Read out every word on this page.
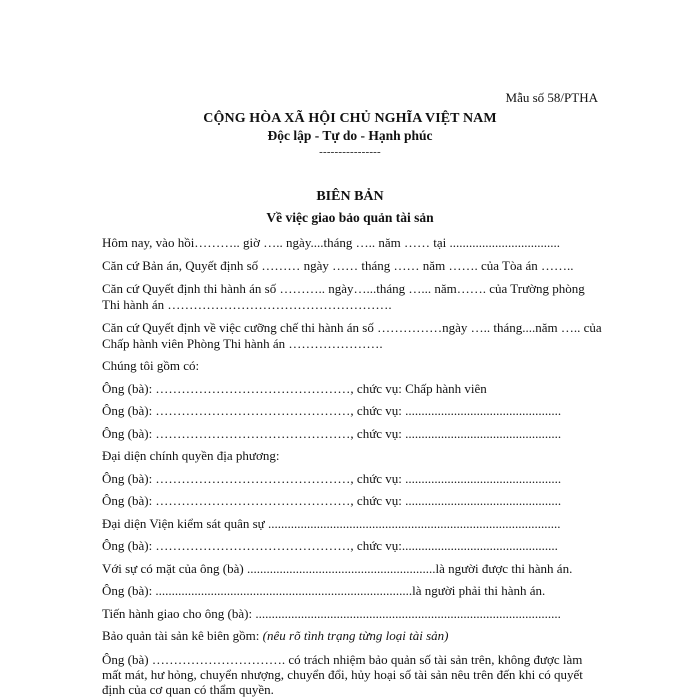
Mẫu số 58/PTHA
CỘNG HÒA XÃ HỘI CHỦ NGHĨA VIỆT NAM
Độc lập - Tự do - Hạnh phúc
----------------
BIÊN BẢN
Về việc giao bảo quản tài sản
Hôm nay, vào hồi……….. giờ ….. ngày....tháng ….. năm …… tại ..................................
Căn cứ Bản án, Quyết định số ……… ngày …… tháng …… năm ……. của Tòa án ……..
Căn cứ Quyết định thi hành án số ……….. ngày…...tháng …... năm……. của Trường phòng Thi hành án …………………………………………….
Căn cứ Quyết định về việc cưỡng chế thi hành án số ……………ngày ….. tháng....năm ….. của Chấp hành viên Phòng Thi hành án ………………….
Chúng tôi gồm có:
Ông (bà): ………………………………………, chức vụ: Chấp hành viên
Ông (bà): ………………………………………, chức vụ: ................................................
Ông (bà): ………………………………………, chức vụ: ................................................
Đại diện chính quyền địa phương:
Ông (bà): ………………………………………, chức vụ: ................................................
Ông (bà): ………………………………………, chức vụ: ................................................
Đại diện Viện kiểm sát quân sự ..........................................................................................
Ông (bà): ………………………………………, chức vụ:................................................
Với sự có mặt của ông (bà) ..........................................................là người được thi hành án.
Ông (bà): ...............................................................................là người phải thi hành án.
Tiến hành giao cho ông (bà): ..............................................................................................
Bảo quản tài sản kê biên gồm: (nêu rõ tình trạng từng loại tài sản)
Ông (bà) …………………………. có trách nhiệm bảo quản số tài sản trên, không được làm mất mát, hư hỏng, chuyển nhượng, chuyển đổi, hủy hoại số tài sản nêu trên đến khi có quyết định của cơ quan có thẩm quyền.
